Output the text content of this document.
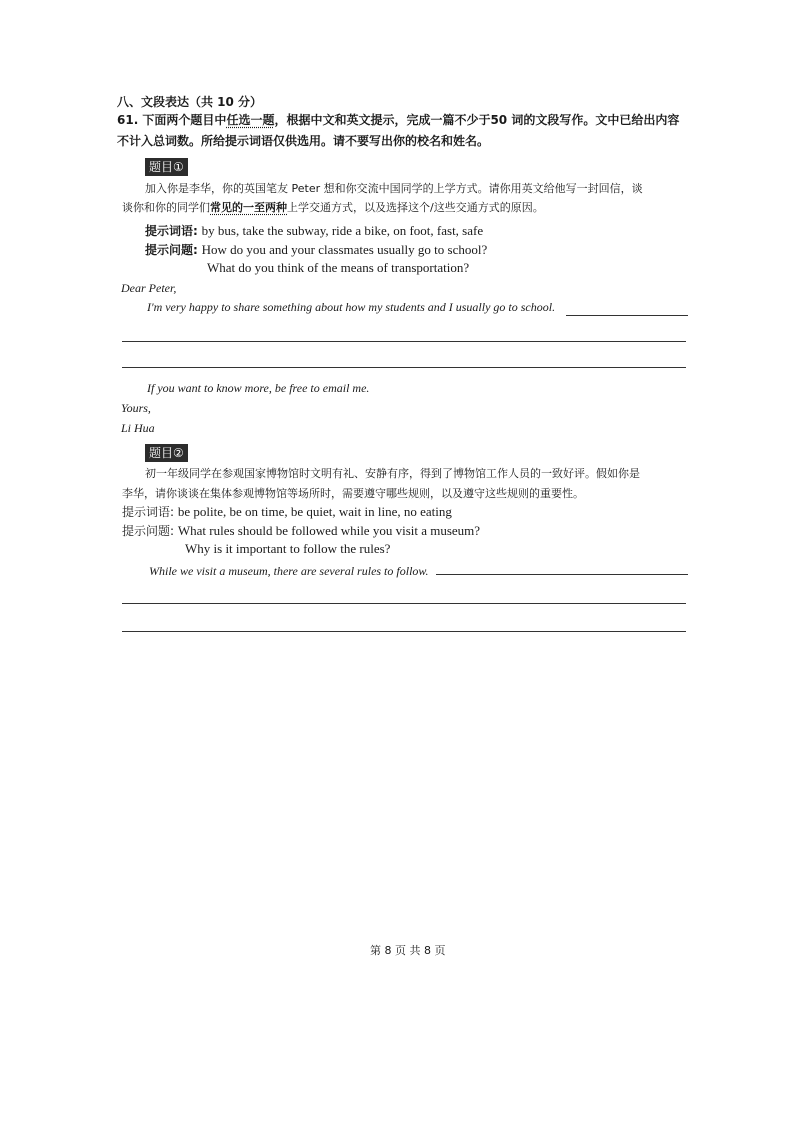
八、文段表达（共 10 分）
61. 下面两个题目中任选一题，根据中文和英文提示，完成一篇不少于50 词的文段写作。文中已给出内容
不计入总词数。所给提示词语仅供选用。请不要写出你的校名和姓名。
题目①
加入你是李华，你的英国笔友 Peter 想和你交流中国同学的上学方式。请你用英文给他写一封回信，谈
谈你和你的同学们常见的一至两种上学交通方式，以及选择这个/这些交通方式的原因。
提示词语: by bus, take the subway, ride a bike, on foot, fast, safe
提示问题: How do you and your classmates usually go to school?
What do you think of the means of transportation?
Dear Peter,
I'm very happy to share something about how my students and I usually go to school.
If you want to know more, be free to email me.
Yours,
Li Hua
题目②
初一年级同学在参观国家博物馆时文明有礼、安静有序，得到了博物馆工作人员的一致好评。假如你是
李华，请你谈谈在集体参观博物馆等场所时，需要遵守哪些规则，以及遵守这些规则的重要性。
提示词语: be polite, be on time, be quiet, wait in line, no eating
提示问题: What rules should be followed while you visit a museum?
Why is it important to follow the rules?
While we visit a museum, there are several rules to follow.
第 8 页 共 8 页
